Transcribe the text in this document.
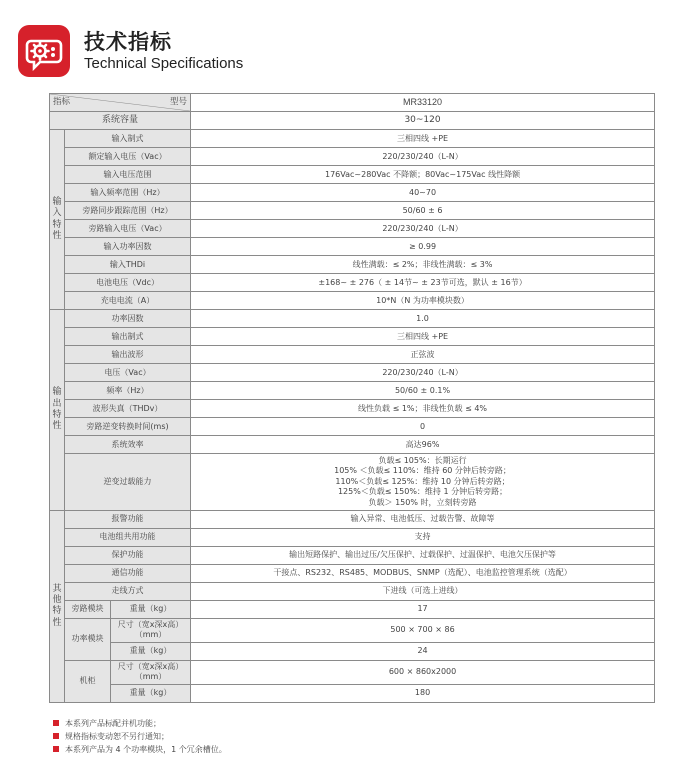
技术指标
Technical Specifications
型号
指标			MR33120
系统容量			30~120
输入特性	输入制式		三相四线 +PE
	额定输入电压（Vac）		220/230/240（L-N）
	输入电压范围		176Vac~280Vac 不降额；80Vac~175Vac 线性降额
	输入频率范围（Hz）		40~70
	旁路同步跟踪范围（Hz）		50/60 ± 6
	旁路输入电压（Vac）		220/230/240（L-N）
	输入功率因数		≥ 0.99
	输入THDi		线性满载：≤ 2%；非线性满载：≤ 3%
	电池电压（Vdc）		±168~ ± 276（ ± 14节~ ± 23节可选，默认 ± 16节）
	充电电流（A）		10*N（N 为功率模块数）
输出特性	功率因数		1.0
	输出制式		三相四线 +PE
	输出波形		正弦波
	电压（Vac）		220/230/240（L-N）
	频率（Hz）		50/60 ± 0.1%
	波形失真（THDv）		线性负载 ≤ 1%；非线性负载 ≤ 4%
	旁路逆变转换时间(ms)		0
	系统效率		高达96%
	逆变过载能力		负载≤ 105%：长期运行
105% ＜负载≤ 110%：维持 60 分钟后转旁路；
110%＜负载≤ 125%：维持 10 分钟后转旁路；
125%＜负载≤ 150%：维持 1 分钟后转旁路；
负载＞ 150% 时，立刻转旁路

其他特性	报警功能		输入异常、电池低压、过载告警、故障等
	电池组共用功能		支持
	保护功能		输出短路保护、输出过压/欠压保护、过载保护、过温保护、电池欠压保护等
	通信功能		干接点、RS232、RS485、MODBUS、SNMP（选配）、电池监控管理系统（选配）
	走线方式		下进线（可选上进线）
	旁路模块	重量（kg）	17
	功率模块	尺寸（宽x深x高）（mm）	500 × 700 × 86
		重量（kg）	24
	机柜	尺寸（宽x深x高）（mm）	600 × 860x2000
		重量（kg）	180
本系列产品标配并机功能；
规格指标变动恕不另行通知；
本系列产品为 4 个功率模块，1 个冗余槽位。
